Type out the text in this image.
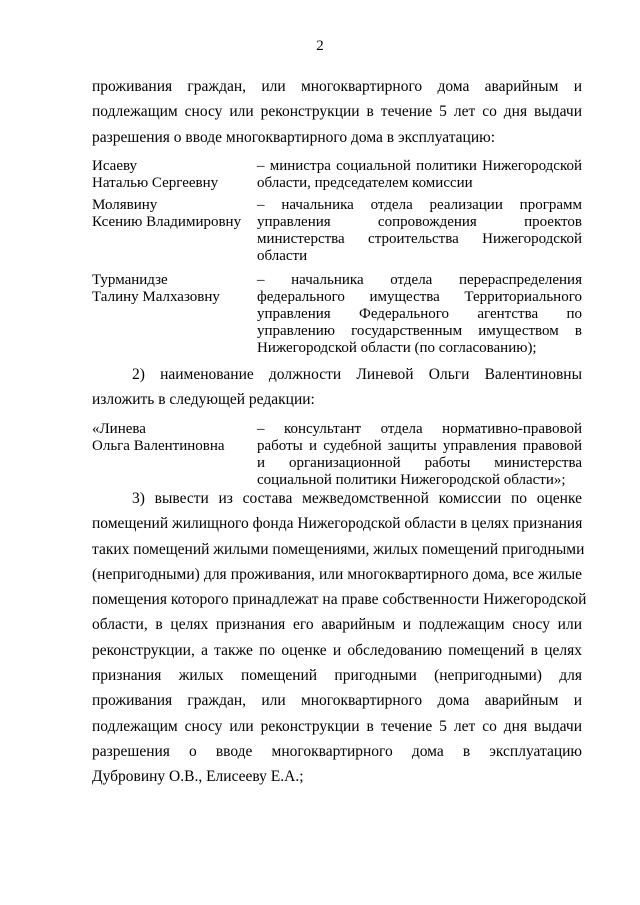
2
проживания граждан, или многоквартирного дома аварийным и
подлежащим сносу или реконструкции в течение 5 лет со дня выдачи
разрешения о вводе многоквартирного дома в эксплуатацию:
Исаеву
Наталью Сергеевну
– министра социальной политики Нижегородской
области, председателем комиссии
Молявину
Ксению Владимировну
– начальника отдела реализации программ
управления сопровождения проектов
министерства строительства Нижегородской
области
Турманидзе
Талину Малхазовну
– начальника отдела перераспределения
федерального имущества Территориального
управления Федерального агентства по
управлению государственным имуществом в
Нижегородской области (по согласованию);
2) наименование должности Линевой Ольги Валентиновны
изложить в следующей редакции:
«Линева
Ольга Валентиновна
– консультант отдела нормативно-правовой
работы и судебной защиты управления правовой
и организационной работы министерства
социальной политики Нижегородской области»;
3) вывести из состава межведомственной комиссии по оценке
помещений жилищного фонда Нижегородской области в целях признания
таких помещений жилыми помещениями, жилых помещений пригодными
(непригодными) для проживания, или многоквартирного дома, все жилые
помещения которого принадлежат на праве собственности Нижегородской
области, в целях признания его аварийным и подлежащим сносу или
реконструкции, а также по оценке и обследованию помещений в целях
признания жилых помещений пригодными (непригодными) для
проживания граждан, или многоквартирного дома аварийным и
подлежащим сносу или реконструкции в течение 5 лет со дня выдачи
разрешения о вводе многоквартирного дома в эксплуатацию
Дубровину О.В., Елисееву Е.А.;
